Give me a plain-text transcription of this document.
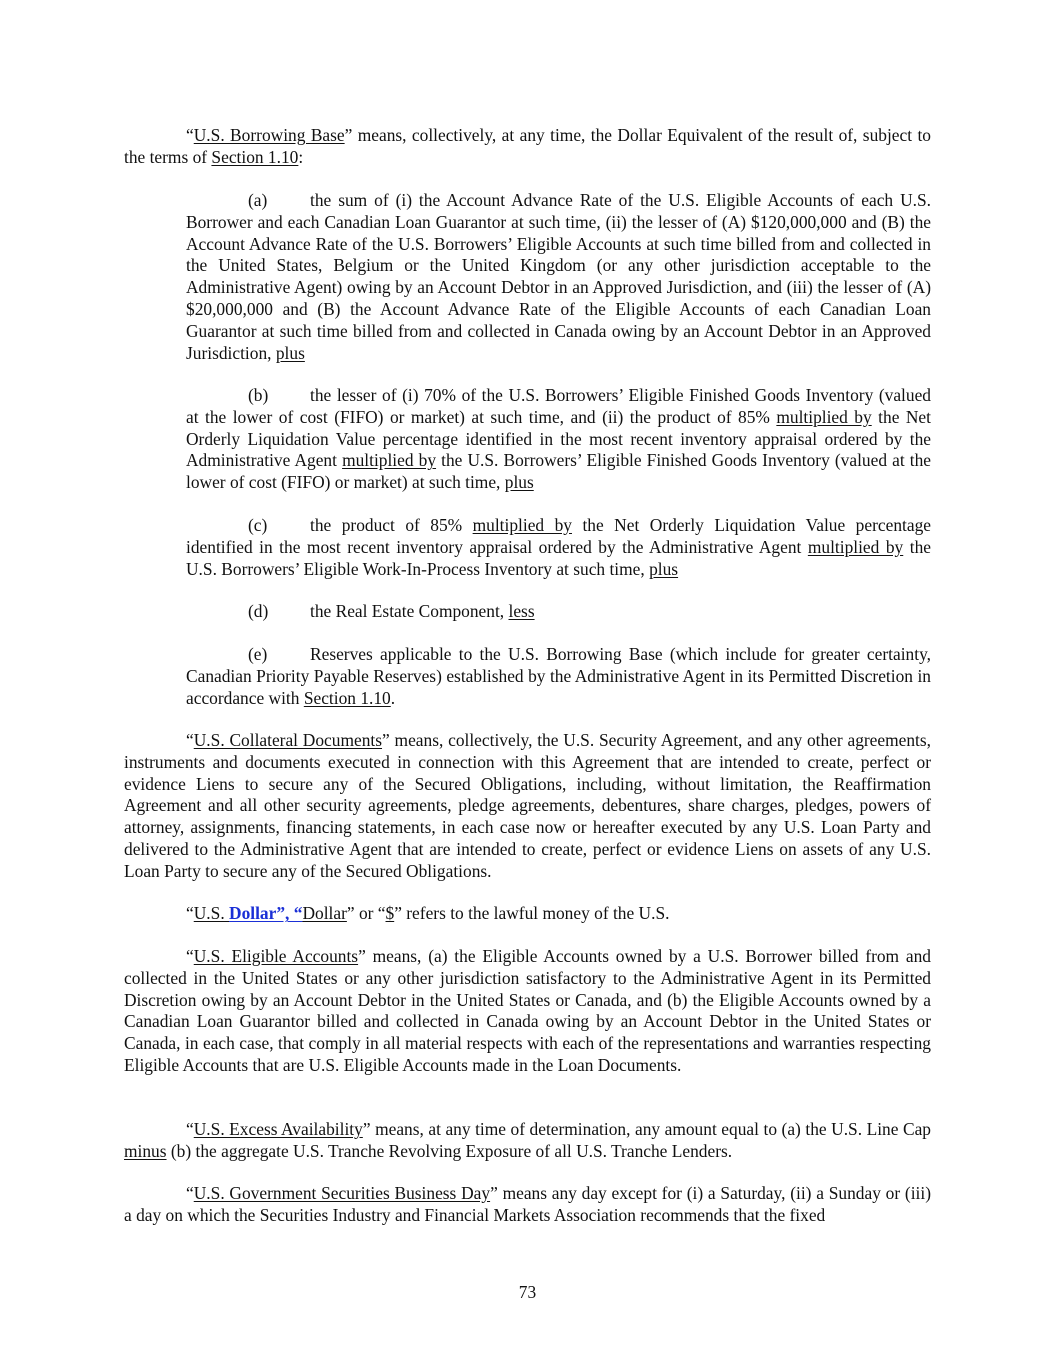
“U.S. Borrowing Base” means, collectively, at any time, the Dollar Equivalent of the result of, subject to the terms of Section 1.10:

(a) the sum of (i) the Account Advance Rate of the U.S. Eligible Accounts of each U.S. Borrower and each Canadian Loan Guarantor at such time, (ii) the lesser of (A) $120,000,000 and (B) the Account Advance Rate of the U.S. Borrowers’ Eligible Accounts at such time billed from and collected in the United States, Belgium or the United Kingdom (or any other jurisdiction acceptable to the Administrative Agent) owing by an Account Debtor in an Approved Jurisdiction, and (iii) the lesser of (A) $20,000,000 and (B) the Account Advance Rate of the Eligible Accounts of each Canadian Loan Guarantor at such time billed from and collected in Canada owing by an Account Debtor in an Approved Jurisdiction, plus

(b) the lesser of (i) 70% of the U.S. Borrowers’ Eligible Finished Goods Inventory (valued at the lower of cost (FIFO) or market) at such time, and (ii) the product of 85% multiplied by the Net Orderly Liquidation Value percentage identified in the most recent inventory appraisal ordered by the Administrative Agent multiplied by the U.S. Borrowers’ Eligible Finished Goods Inventory (valued at the lower of cost (FIFO) or market) at such time, plus

(c) the product of 85% multiplied by the Net Orderly Liquidation Value percentage identified in the most recent inventory appraisal ordered by the Administrative Agent multiplied by the U.S. Borrowers’ Eligible Work-In-Process Inventory at such time, plus

(d) the Real Estate Component, less

(e) Reserves applicable to the U.S. Borrowing Base (which include for greater certainty, Canadian Priority Payable Reserves) established by the Administrative Agent in its Permitted Discretion in accordance with Section 1.10.

“U.S. Collateral Documents” means, collectively, the U.S. Security Agreement, and any other agreements, instruments and documents executed in connection with this Agreement that are intended to create, perfect or evidence Liens to secure any of the Secured Obligations, including, without limitation, the Reaffirmation Agreement and all other security agreements, pledge agreements, debentures, share charges, pledges, powers of attorney, assignments, financing statements, in each case now or hereafter executed by any U.S. Loan Party and delivered to the Administrative Agent that are intended to create, perfect or evidence Liens on assets of any U.S. Loan Party to secure any of the Secured Obligations.

“U.S. Dollar”, “Dollar” or “$” refers to the lawful money of the U.S.

“U.S. Eligible Accounts” means, (a) the Eligible Accounts owned by a U.S. Borrower billed from and collected in the United States or any other jurisdiction satisfactory to the Administrative Agent in its Permitted Discretion owing by an Account Debtor in the United States or Canada, and (b) the Eligible Accounts owned by a Canadian Loan Guarantor billed and collected in Canada owing by an Account Debtor in the United States or Canada, in each case, that comply in all material respects with each of the representations and warranties respecting Eligible Accounts that are U.S. Eligible Accounts made in the Loan Documents.

“U.S. Excess Availability” means, at any time of determination, any amount equal to (a) the U.S. Line Cap minus (b) the aggregate U.S. Tranche Revolving Exposure of all U.S. Tranche Lenders.

“U.S. Government Securities Business Day” means any day except for (i) a Saturday, (ii) a Sunday or (iii) a day on which the Securities Industry and Financial Markets Association recommends that the fixed

73
